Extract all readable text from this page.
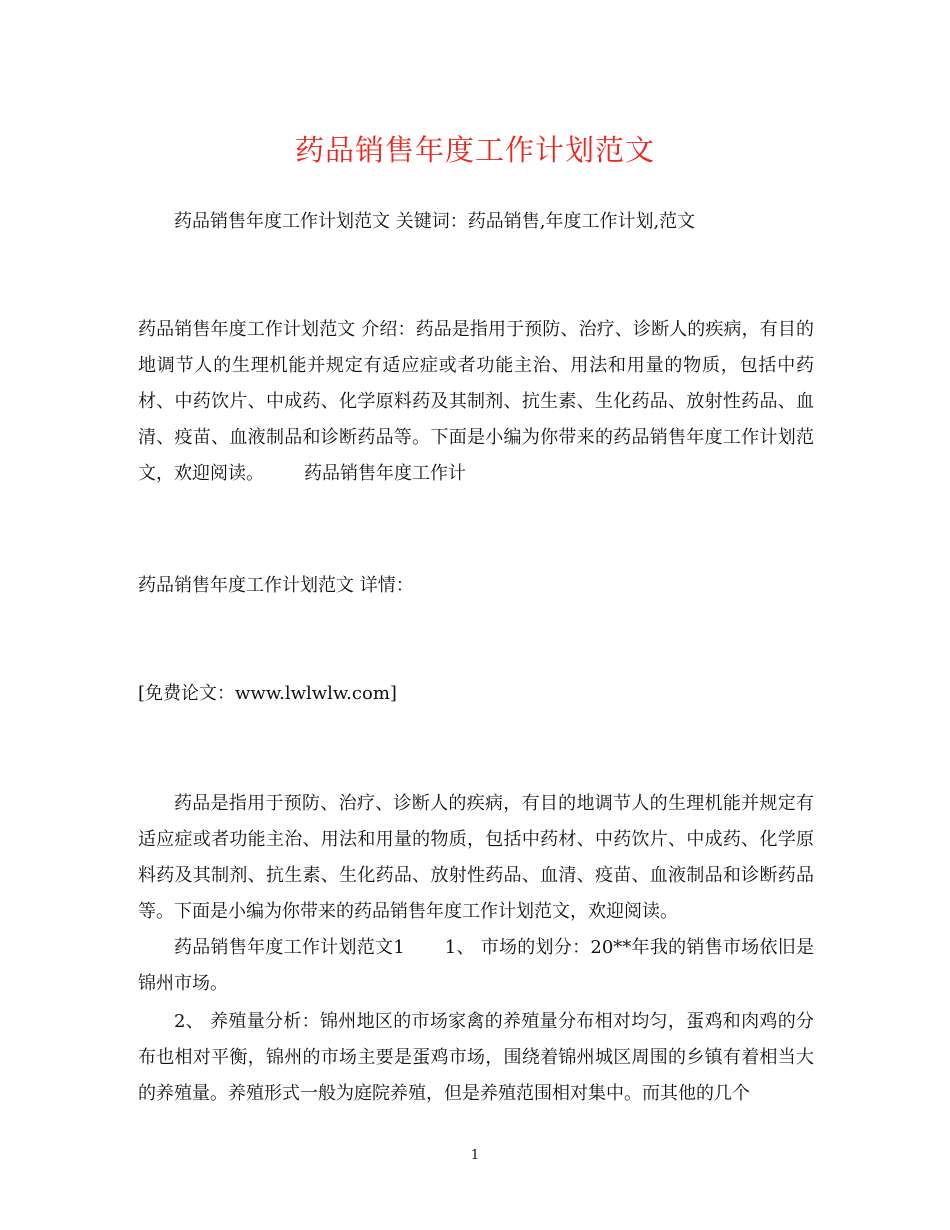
药品销售年度工作计划范文
药品销售年度工作计划范文 关键词：药品销售,年度工作计划,范文
药品销售年度工作计划范文 介绍：药品是指用于预防、治疗、诊断人的疾病，有目的地调节人的生理机能并规定有适应症或者功能主治、用法和用量的物质，包括中药材、中药饮片、中成药、化学原料药及其制剂、抗生素、生化药品、放射性药品、血清、疫苗、血液制品和诊断药品等。下面是小编为你带来的药品销售年度工作计划范文，欢迎阅读。 药品销售年度工作计
药品销售年度工作计划范文 详情：
[免费论文：www.lwlwlw.com]
药品是指用于预防、治疗、诊断人的疾病，有目的地调节人的生理机能并规定有适应症或者功能主治、用法和用量的物质，包括中药材、中药饮片、中成药、化学原料药及其制剂、抗生素、生化药品、放射性药品、血清、疫苗、血液制品和诊断药品等。下面是小编为你带来的药品销售年度工作计划范文，欢迎阅读。
药品销售年度工作计划范文1 1、 市场的划分：20**年我的销售市场依旧是锦州市场。
2、 养殖量分析：锦州地区的市场家禽的养殖量分布相对均匀，蛋鸡和肉鸡的分布也相对平衡，锦州的市场主要是蛋鸡市场，围绕着锦州城区周围的乡镇有着相当大的养殖量。养殖形式一般为庭院养殖，但是养殖范围相对集中。而其他的几个
1
